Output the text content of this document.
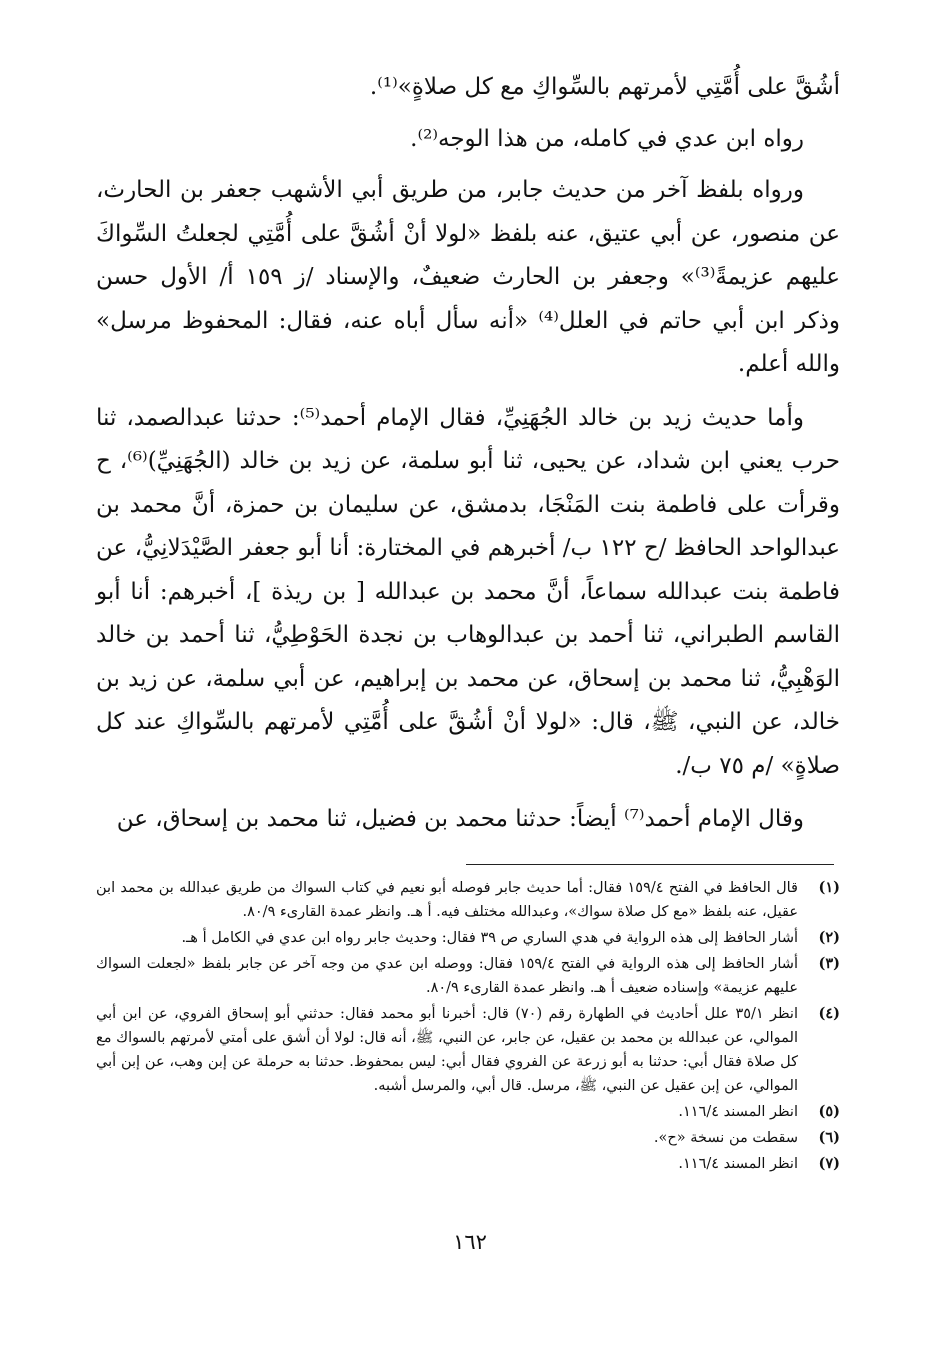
أشُقَّ على أُمَّتِي لأمرتهم بالسِّواكِ مع كل صلاةٍ»⁽¹⁾.

رواه ابن عدي في كامله، من هذا الوجه⁽²⁾.

ورواه بلفظ آخر من حديث جابر، من طريق أبي الأشهب جعفر بن الحارث، عن منصور، عن أبي عتيق، عنه بلفظ «لولا أنْ أشُقَّ على أُمَّتِي لجعلتُ السِّواكَ عليهم عزيمةً⁽³⁾» وجعفر بن الحارث ضعيفٌ، والإسناد /ز ١٥٩ أ/ الأول حسن وذكر ابن أبي حاتم في العلل⁽⁴⁾ «أنه سأل أباه عنه، فقال: المحفوظ مرسل» والله أعلم.

وأما حديث زيد بن خالد الجُهَنِيِّ، فقال الإمام أحمد⁽⁵⁾: حدثنا عبدالصمد، ثنا حرب يعني ابن شداد، عن يحيى، ثنا أبو سلمة، عن زيد بن خالد (الجُهَنِيِّ)⁽⁶⁾، ح وقرأت على فاطمة بنت المَنْجَا، بدمشق، عن سليمان بن حمزة، أنَّ محمد بن عبدالواحد الحافظ /ح ١٢٢ ب/ أخبرهم في المختارة: أنا أبو جعفر الصَّيْدَلانِيُّ، عن فاطمة بنت عبدالله سماعاً، أنَّ محمد بن عبدالله [ بن ريذة ]، أخبرهم: أنا أبو القاسم الطبراني، ثنا أحمد بن عبدالوهاب بن نجدة الحَوْطِيُّ، ثنا أحمد بن خالد الوَهْبِيُّ، ثنا محمد بن إسحاق، عن محمد بن إبراهيم، عن أبي سلمة، عن زيد بن خالد، عن النبي، ﷺ، قال: «لولا أنْ أشُقَّ على أُمَّتِي لأمرتهم بالسِّواكِ عند كل صلاةٍ» /م ٧٥ ب/.

وقال الإمام أحمد⁽⁷⁾ أيضاً: حدثنا محمد بن فضيل، ثنا محمد بن إسحاق، عن

(١)
قال الحافظ في الفتح ١٥٩/٤ فقال: أما حديث جابر فوصله أبو نعيم في كتاب السواك من طريق عبدالله بن محمد ابن عقيل، عنه بلفظ «مع كل صلاة سواك»، وعبدالله مختلف فيه. أ هـ. وانظر عمدة القارىء ٨٠/٩.
(٢)
أشار الحافظ إلى هذه الرواية في هدي الساري ص ٣٩ فقال: وحديث جابر رواه ابن عدي في الكامل أ هـ.
(٣)
أشار الحافظ إلى هذه الرواية في الفتح ١٥٩/٤ فقال: ووصله ابن عدي من وجه آخر عن جابر بلفظ «لجعلت السواك عليهم عزيمة» وإسناده ضعيف أ هـ. وانظر عمدة القارىء ٨٠/٩.
(٤)
انظر ٣٥/١ علل أحاديث في الطهارة رقم (٧٠) قال: أخبرنا أبو محمد فقال: حدثني أبو إسحاق الفروي، عن ابن أبي الموالي، عن عبدالله بن محمد بن عقيل، عن جابر، عن النبي، ﷺ، أنه قال: لولا أن أشق على أمتي لأمرتهم بالسواك مع كل صلاة فقال أبي: حدثنا به أبو زرعة عن الفروي فقال أبي: ليس بمحفوظ. حدثنا به حرملة عن إبن وهب، عن إبن أبي الموالي، عن إبن عقيل عن النبي، ﷺ، مرسل. قال أبي، والمرسل أشبه.
(٥)
انظر المسند ١١٦/٤.
(٦)
سقطت من نسخة «ح».
(٧)
انظر المسند ١١٦/٤.
١٦٢
